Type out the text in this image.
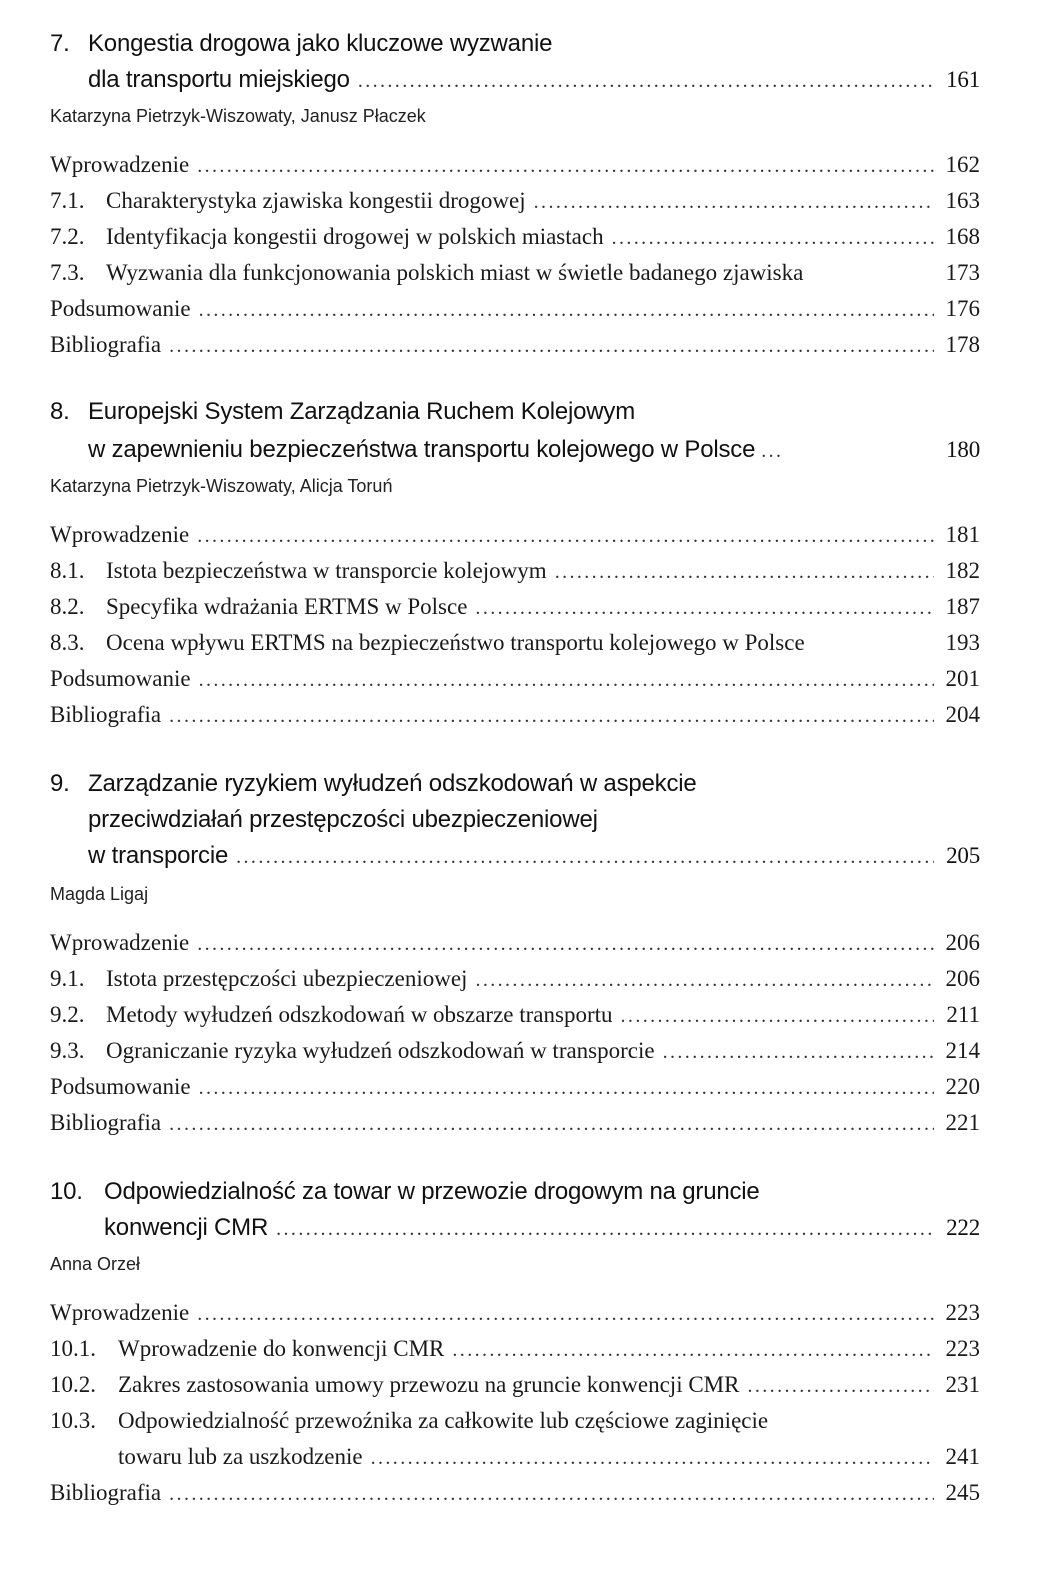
7. Kongestia drogowa jako kluczowe wyzwanie
dla transportu miejskiego .....	161
Katarzyna Pietrzyk-Wiszowaty, Janusz Płaczek
Wprowadzenie .....	162
7.1. Charakterystyka zjawiska kongestii drogowej .....	163
7.2. Identyfikacja kongestii drogowej w polskich miastach .....	168
7.3. Wyzwania dla funkcjonowania polskich miast w świetle badanego zjawiska	173
Podsumowanie .....	176
Bibliografia .....	178
8. Europejski System Zarządzania Ruchem Kolejowym
w zapewnieniu bezpieczeństwa transportu kolejowego w Polsce .....	180
Katarzyna Pietrzyk-Wiszowaty, Alicja Toruń
Wprowadzenie .....	181
8.1. Istota bezpieczeństwa w transporcie kolejowym .....	182
8.2. Specyfika wdrażania ERTMS w Polsce .....	187
8.3. Ocena wpływu ERTMS na bezpieczeństwo transportu kolejowego w Polsce	193
Podsumowanie .....	201
Bibliografia .....	204
9. Zarządzanie ryzykiem wyłudzeń odszkodowań w aspekcie
przeciwdziałań przestępczości ubezpieczeniowej
w transporcie .....	205
Magda Ligaj
Wprowadzenie .....	206
9.1. Istota przestępczości ubezpieczeniowej .....	206
9.2. Metody wyłudzeń odszkodowań w obszarze transportu .....	211
9.3. Ograniczanie ryzyka wyłudzeń odszkodowań w transporcie .....	214
Podsumowanie .....	220
Bibliografia .....	221
10. Odpowiedzialność za towar w przewozie drogowym na gruncie
konwencji CMR .....	222
Anna Orzeł
Wprowadzenie .....	223
10.1. Wprowadzenie do konwencji CMR .....	223
10.2. Zakres zastosowania umowy przewozu na gruncie konwencji CMR .....	231
10.3. Odpowiedzialność przewoźnika za całkowite lub częściowe zaginięcie
towaru lub za uszkodzenie .....	241
Bibliografia .....	245
